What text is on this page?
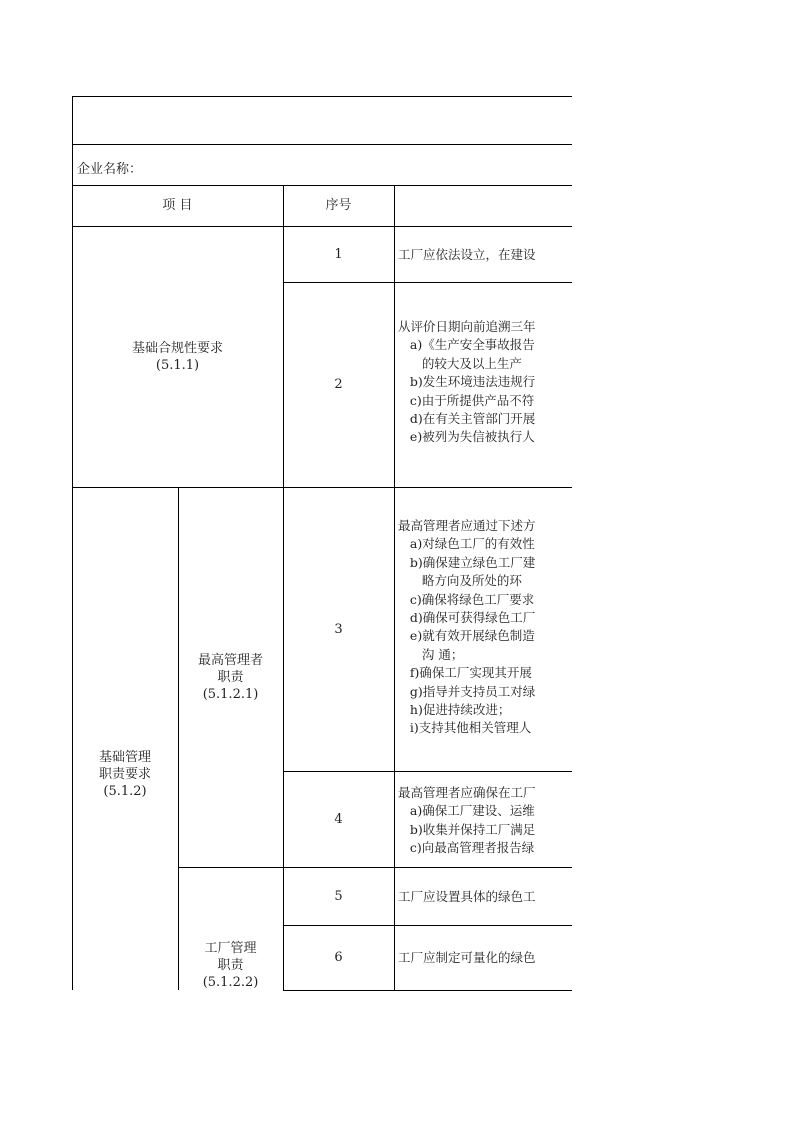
企业名称：
项 目	序号
基础合规性要求
(5.1.1)
基础管理
职责要求
(5.1.2)
最高管理者
职责
(5.1.2.1)
工厂管理
职责
(5.1.2.2)
1
2
3
4
5
6
工厂应依法设立，在建设
从评价日期向前追溯三年
a)《生产安全事故报告
的较大及以上生产
b)发生环境违法违规行
c)由于所提供产品不符
d)在有关主管部门开展
e)被列为失信被执行人
最高管理者应通过下述方
a)对绿色工厂的有效性
b)确保建立绿色工厂建
略方向及所处的环
c)确保将绿色工厂要求
d)确保可获得绿色工厂
e)就有效开展绿色制造
沟 通；
f)确保工厂实现其开展
g)指导并支持员工对绿
h)促进持续改进；
i)支持其他相关管理人
最高管理者应确保在工厂
a)确保工厂建设、运维
b)收集并保持工厂满足
c)向最高管理者报告绿
工厂应设置具体的绿色工
工厂应制定可量化的绿色
